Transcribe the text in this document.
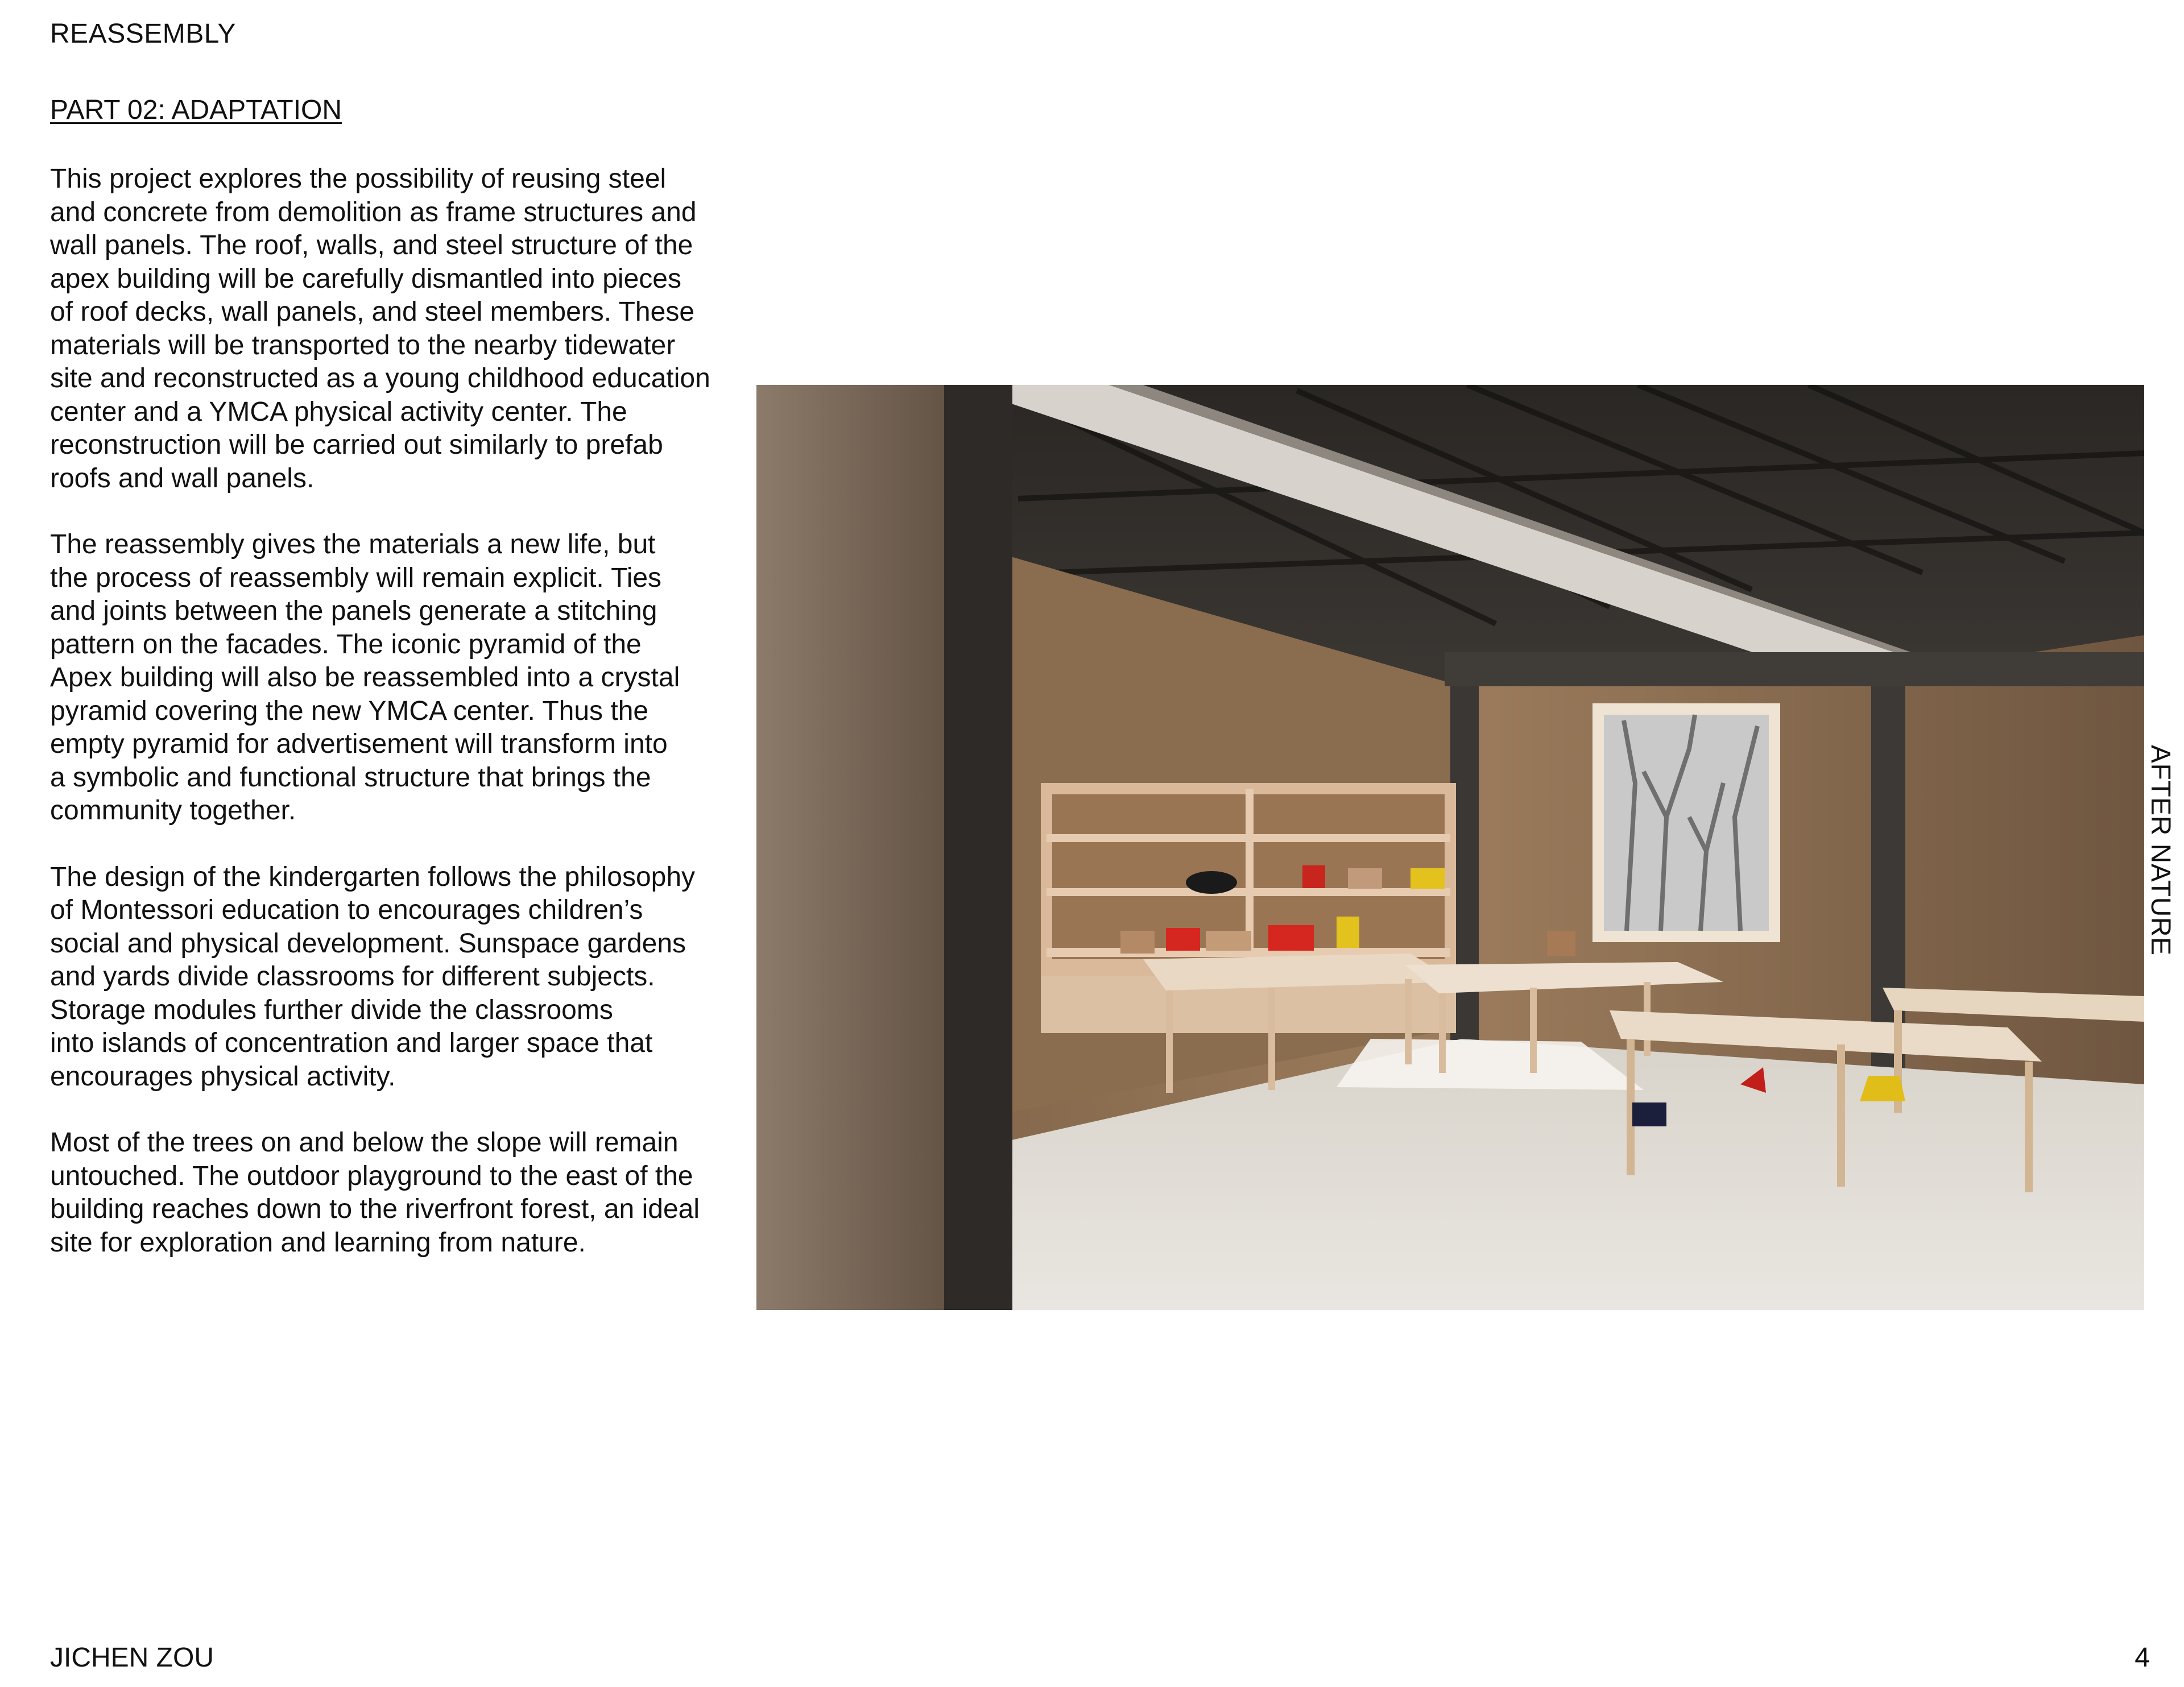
REASSEMBLY
PART 02: ADAPTATION

This project explores the possibility of reusing steel
and concrete from demolition as frame structures and
wall panels. The roof, walls, and steel structure of the
apex building will be carefully dismantled into pieces
of roof decks, wall panels, and steel members. These
materials will be transported to the nearby tidewater
site and reconstructed as a young childhood education
center and a YMCA physical activity center. The
reconstruction will be carried out similarly to prefab
roofs and wall panels.

The reassembly gives the materials a new life, but
the process of reassembly will remain explicit. Ties
and joints between the panels generate a stitching
pattern on the facades. The iconic pyramid of the
Apex building will also be reassembled into a crystal
pyramid covering the new YMCA center. Thus the
empty pyramid for advertisement will transform into
a symbolic and functional structure that brings the
community together.

The design of the kindergarten follows the philosophy
of Montessori education to encourages children’s
social and physical development. Sunspace gardens
and yards divide classrooms for different subjects.
Storage modules further divide the classrooms
into islands of concentration and larger space that
encourages physical activity.

Most of the trees on and below the slope will remain
untouched. The outdoor playground to the east of the
building reaches down to the riverfront forest, an ideal
site for exploration and learning from nature.

AFTER NATURE
JICHEN ZOU	4
